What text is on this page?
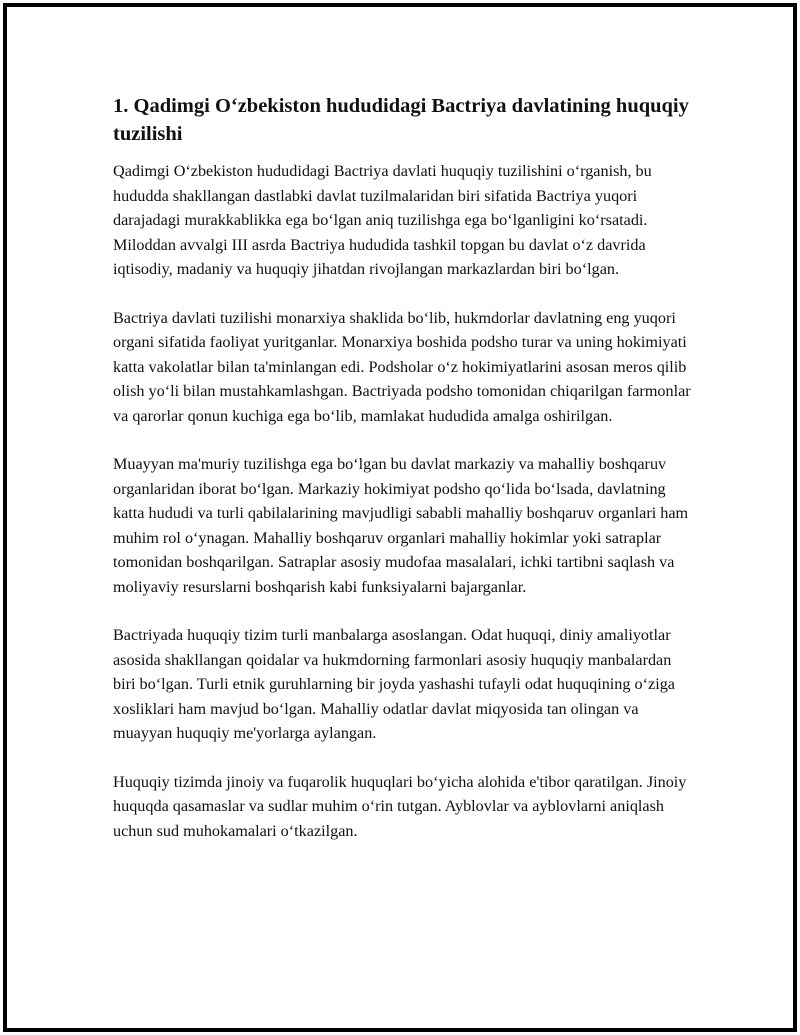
1. Qadimgi O‘zbekiston hududidagi Bactriya davlatining huquqiy tuzilishi

Qadimgi O‘zbekiston hududidagi Bactriya davlati huquqiy tuzilishini o‘rganish, bu hududda shakllangan dastlabki davlat tuzilmalaridan biri sifatida Bactriya yuqori darajadagi murakkablikka ega bo‘lgan aniq tuzilishga ega bo‘lganligini ko‘rsatadi. Miloddan avvalgi III asrda Bactriya hududida tashkil topgan bu davlat o‘z davrida iqtisodiy, madaniy va huquqiy jihatdan rivojlangan markazlardan biri bo‘lgan.

Bactriya davlati tuzilishi monarxiya shaklida bo‘lib, hukmdorlar davlatning eng yuqori organi sifatida faoliyat yuritganlar. Monarxiya boshida podsho turar va uning hokimiyati katta vakolatlar bilan ta'minlangan edi. Podsholar o‘z hokimiyatlarini asosan meros qilib olish yo‘li bilan mustahkamlashgan. Bactriyada podsho tomonidan chiqarilgan farmonlar va qarorlar qonun kuchiga ega bo‘lib, mamlakat hududida amalga oshirilgan.

Muayyan ma'muriy tuzilishga ega bo‘lgan bu davlat markaziy va mahalliy boshqaruv organlaridan iborat bo‘lgan. Markaziy hokimiyat podsho qo‘lida bo‘lsada, davlatning katta hududi va turli qabilalarining mavjudligi sababli mahalliy boshqaruv organlari ham muhim rol o‘ynagan. Mahalliy boshqaruv organlari mahalliy hokimlar yoki satraplar tomonidan boshqarilgan. Satraplar asosiy mudofaa masalalari, ichki tartibni saqlash va moliyaviy resurslarni boshqarish kabi funksiyalarni bajarganlar.

Bactriyada huquqiy tizim turli manbalarga asoslangan. Odat huquqi, diniy amaliyotlar asosida shakllangan qoidalar va hukmdorning farmonlari asosiy huquqiy manbalardan biri bo‘lgan. Turli etnik guruhlarning bir joyda yashashi tufayli odat huquqining o‘ziga xosliklari ham mavjud bo‘lgan. Mahalliy odatlar davlat miqyosida tan olingan va muayyan huquqiy me'yorlarga aylangan.

Huquqiy tizimda jinoiy va fuqarolik huquqlari bo‘yicha alohida e'tibor qaratilgan. Jinoiy huquqda qasamaslar va sudlar muhim o‘rin tutgan. Ayblovlar va ayblovlarni aniqlash uchun sud muhokamalari o‘tkazilgan.
